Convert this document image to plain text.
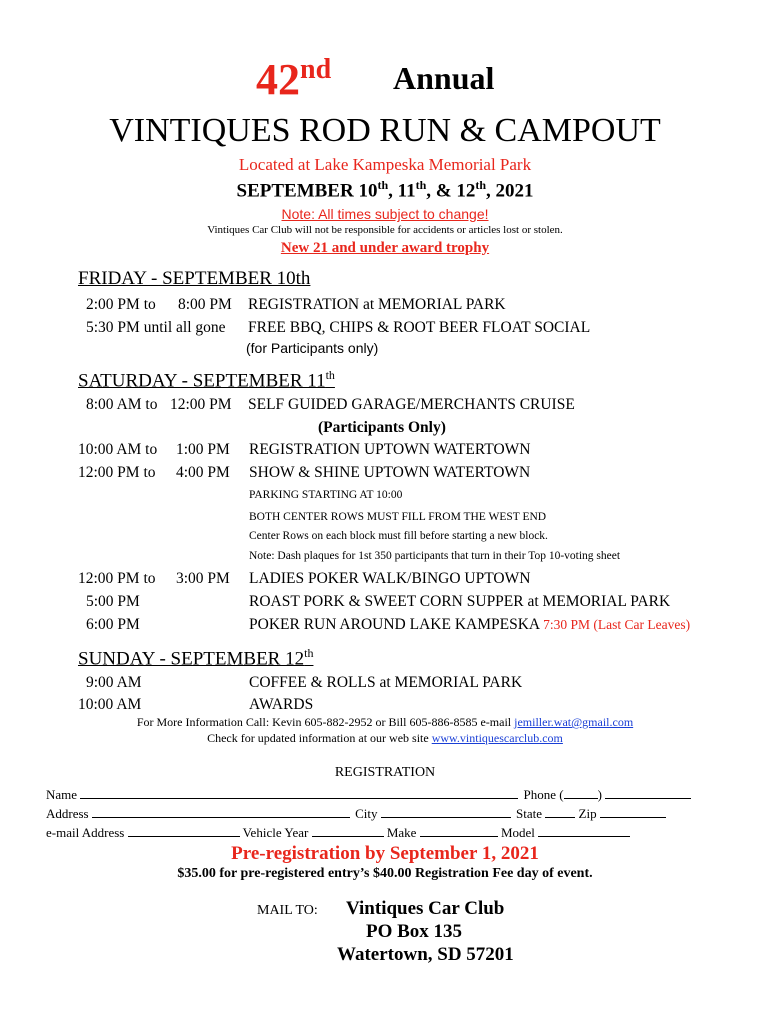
42nd Annual
VINTIQUES ROD RUN & CAMPOUT
Located at Lake Kampeska Memorial Park
SEPTEMBER 10th, 11th, & 12th, 2021
Note: All times subject to change!
Vintiques Car Club will not be responsible for accidents or articles lost or stolen.
New 21 and under award trophy
FRIDAY - SEPTEMBER 10th
2:00 PM to 8:00 PM REGISTRATION at MEMORIAL PARK
5:30 PM until all gone FREE BBQ, CHIPS & ROOT BEER FLOAT SOCIAL
(for Participants only)
SATURDAY - SEPTEMBER 11th
8:00 AM to 12:00 PM SELF GUIDED GARAGE/MERCHANTS CRUISE
(Participants Only)
10:00 AM to 1:00 PM REGISTRATION UPTOWN WATERTOWN
12:00 PM to 4:00 PM SHOW & SHINE UPTOWN WATERTOWN
PARKING STARTING AT 10:00
BOTH CENTER ROWS MUST FILL FROM THE WEST END
Center Rows on each block must fill before starting a new block.
Note: Dash plaques for 1st 350 participants that turn in their Top 10-voting sheet
12:00 PM to 3:00 PM LADIES POKER WALK/BINGO UPTOWN
5:00 PM	ROAST PORK & SWEET CORN SUPPER at MEMORIAL PARK
6:00 PM	POKER RUN AROUND LAKE KAMPESKA 7:30 PM (Last Car Leaves)
SUNDAY - SEPTEMBER 12th
9:00 AM	COFFEE & ROLLS at MEMORIAL PARK
10:00 AM	AWARDS
For More Information Call: Kevin 605-882-2952 or Bill 605-886-8585 e-mail jemiller.wat@gmail.com
Check for updated information at our web site www.vintiquescarclub.com
REGISTRATION
Name	Phone (	)
Address	City	State	Zip
e-mail Address	Vehicle Year	Make	Model
Pre-registration by September 1, 2021
$35.00 for pre-registered entry’s $40.00 Registration Fee day of event.
MAIL TO: Vintiques Car Club
PO Box 135
Watertown, SD 57201
